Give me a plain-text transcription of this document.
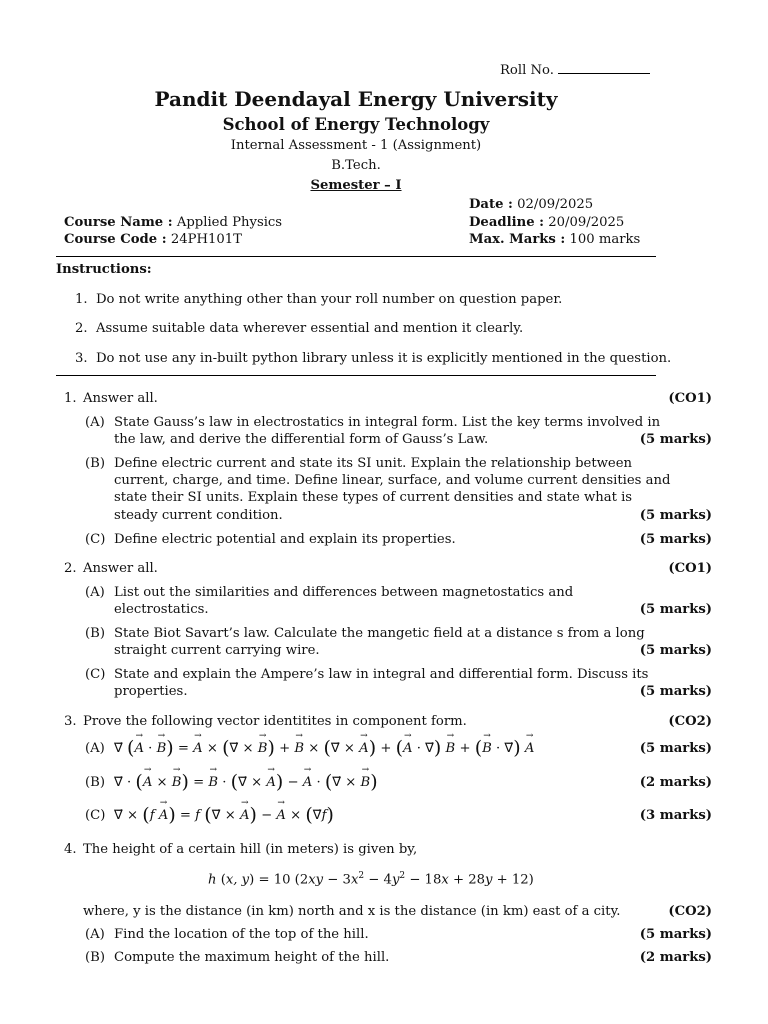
Roll No.
Pandit Deendayal Energy University
School of Energy Technology
Internal Assessment - 1 (Assignment)
B.Tech.
Semester – I
Date : 02/09/2025
Course Name : Applied Physics	Deadline : 20/09/2025
Course Code : 24PH101T	Max. Marks : 100 marks
Instructions:
1.  Do not write anything other than your roll number on question paper.
2.  Assume suitable data wherever essential and mention it clearly.
3.  Do not use any in-built python library unless it is explicitly mentioned in the question.
1. Answer all.	(CO1)
(A) State Gauss’s law in electrostatics in integral form. List the key terms involved in
the law, and derive the differential form of Gauss’s Law.	(5 marks)
(B) Define electric current and state its SI unit. Explain the relationship between
current, charge, and time. Define linear, surface, and volume current densities and
state their SI units. Explain these types of current densities and state what is
steady current condition.	(5 marks)
(C) Define electric potential and explain its properties.	(5 marks)
2. Answer all.	(CO1)
(A) List out the similarities and differences between magnetostatics and
electrostatics.	(5 marks)
(B) State Biot Savart’s law. Calculate the mangetic field at a distance s from a long
straight current carrying wire.	(5 marks)
(C) State and explain the Ampere’s law in integral and differential form. Discuss its
properties.	(5 marks)
3. Prove the following vector identitites in component form.	(CO2)
(A) ∇⃗ (→ A · → B) = → A × (∇⃗ × → B) + → B × (∇⃗ × → A) + (→ A · ∇⃗) → B + (→ B · ∇⃗) → A	(5 marks)
(B) ∇⃗ · (→ A × → B) = → B · (∇⃗ × → A) − → A · (∇⃗ × → B)	(2 marks)
(C) ∇⃗ × (f → A) = f (∇⃗ × → A) − → A × (∇⃗f)	(3 marks)
4. The height of a certain hill (in meters) is given by,
h (x, y) = 10 $(2xy - 3x^2 - 4y^2 - 18x + 28y + 12)$
where, y is the distance (in km) north and x is the distance (in km) east of a city.	(CO2)
(A) Find the location of the top of the hill.	(5 marks)
(B) Compute the maximum height of the hill.	(2 marks)
